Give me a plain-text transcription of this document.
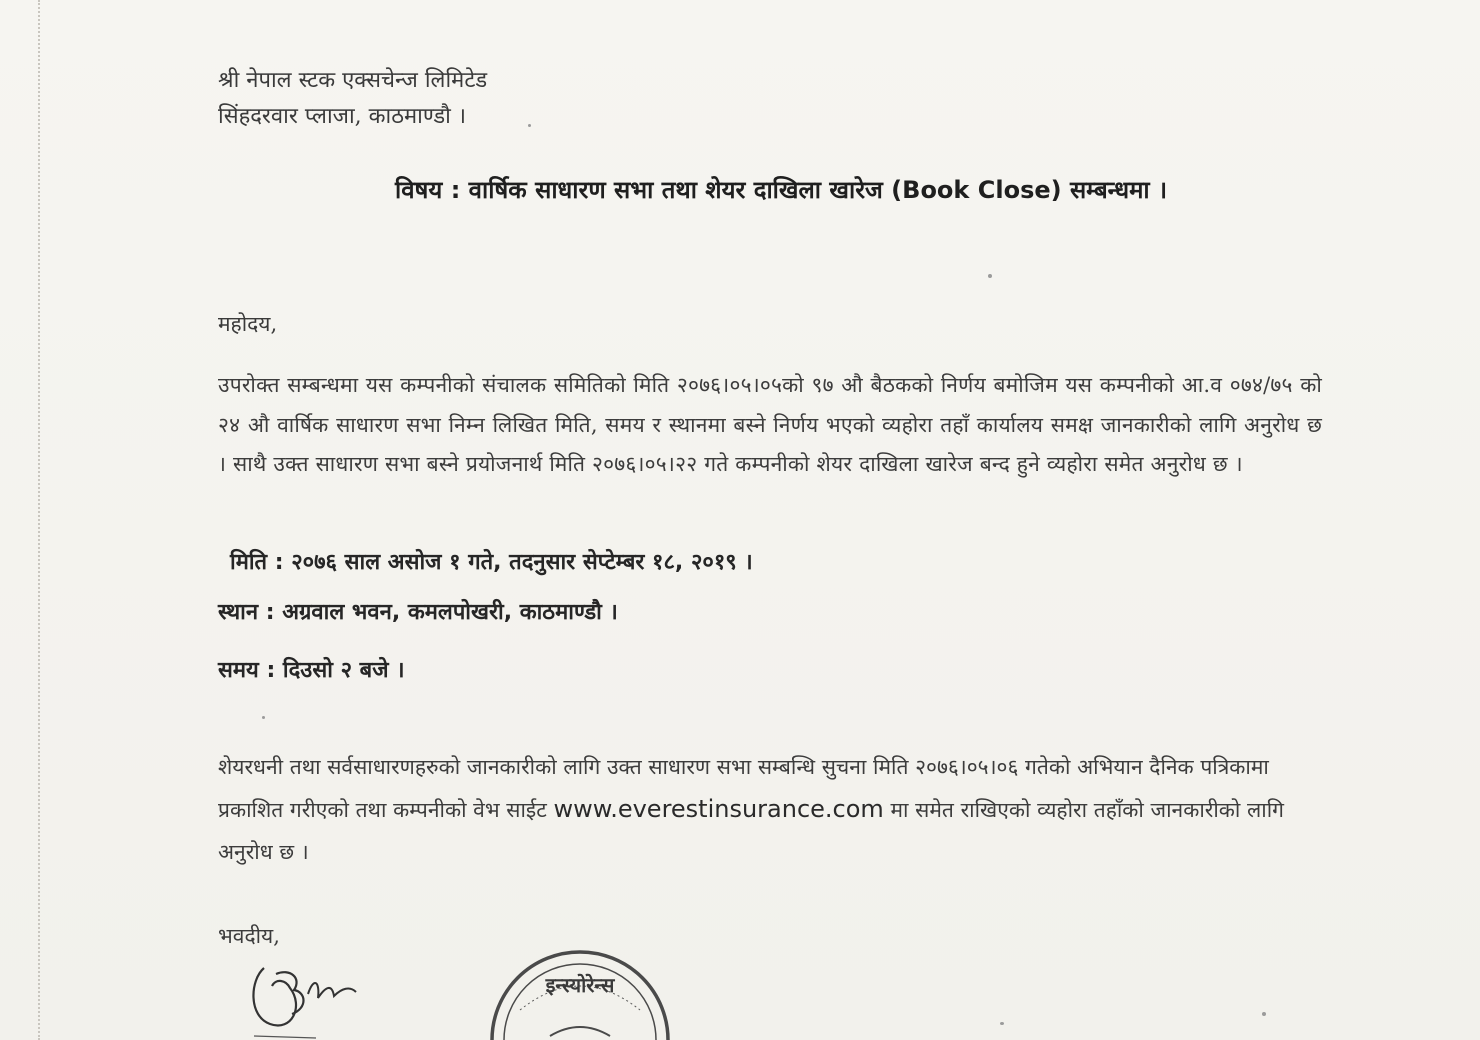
श्री नेपाल स्टक एक्सचेन्ज लिमिटेड
सिंहदरवार प्लाजा, काठमाण्डौ ।
विषय : वार्षिक साधारण सभा तथा शेयर दाखिला खारेज (Book Close) सम्बन्धमा ।
महोदय,
उपरोक्त सम्बन्धमा यस कम्पनीको संचालक समितिको मिति २०७६।०५।०५को ९७ औ बैठकको निर्णय बमोजिम यस कम्पनीको आ.व ०७४/७५ को २४ औ वार्षिक साधारण सभा निम्न लिखित मिति, समय र स्थानमा बस्ने निर्णय भएको व्यहोरा तहाँ कार्यालय समक्ष जानकारीको लागि अनुरोध छ । साथै उक्त साधारण सभा बस्ने प्रयोजनार्थ मिति २०७६।०५।२२ गते कम्पनीको शेयर दाखिला खारेज बन्द हुने व्यहोरा समेत अनुरोध छ ।
मिति : २०७६ साल असोज १ गते, तदनुसार सेप्टेम्बर १८, २०१९ ।
स्थान : अग्रवाल भवन, कमलपोखरी, काठमाण्डौ ।
समय : दिउसो २ बजे ।
शेयरधनी तथा सर्वसाधारणहरुको जानकारीको लागि उक्त साधारण सभा सम्बन्धि सुचना मिति २०७६।०५।०६ गतेको अभियान दैनिक पत्रिकामा प्रकाशित गरीएको तथा कम्पनीको वेभ साईट www.everestinsurance.com मा समेत राखिएको व्यहोरा तहाँको जानकारीको लागि अनुरोध छ ।
भवदीय,
इन्स्योरेन्स
